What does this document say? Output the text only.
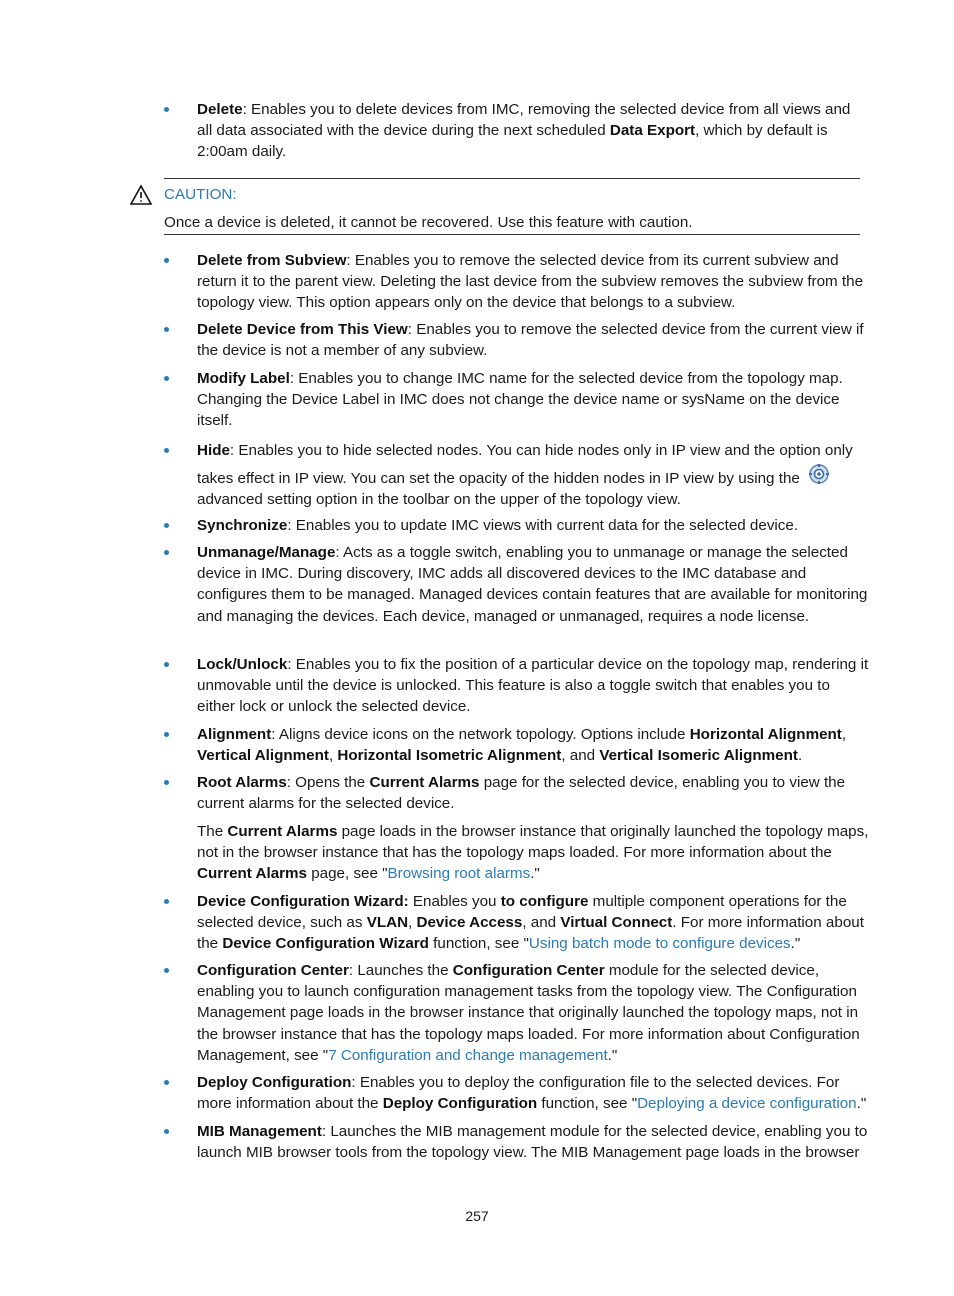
Delete: Enables you to delete devices from IMC, removing the selected device from all views and all data associated with the device during the next scheduled Data Export, which by default is 2:00am daily.
CAUTION:
Once a device is deleted, it cannot be recovered. Use this feature with caution.
Delete from Subview: Enables you to remove the selected device from its current subview and return it to the parent view. Deleting the last device from the subview removes the subview from the topology view. This option appears only on the device that belongs to a subview.
Delete Device from This View: Enables you to remove the selected device from the current view if the device is not a member of any subview.
Modify Label: Enables you to change IMC name for the selected device from the topology map. Changing the Device Label in IMC does not change the device name or sysName on the device itself.
Hide: Enables you to hide selected nodes. You can hide nodes only in IP view and the option only takes effect in IP view. You can set the opacity of the hidden nodes in IP view by using the
advanced setting option in the toolbar on the upper of the topology view.
Synchronize: Enables you to update IMC views with current data for the selected device.
Unmanage/Manage: Acts as a toggle switch, enabling you to unmanage or manage the selected device in IMC. During discovery, IMC adds all discovered devices to the IMC database and configures them to be managed. Managed devices contain features that are available for monitoring and managing the devices. Each device, managed or unmanaged, requires a node license.
Lock/Unlock: Enables you to fix the position of a particular device on the topology map, rendering it unmovable until the device is unlocked. This feature is also a toggle switch that enables you to either lock or unlock the selected device.
Alignment: Aligns device icons on the network topology. Options include Horizontal Alignment, Vertical Alignment, Horizontal Isometric Alignment, and Vertical Isomeric Alignment.
Root Alarms: Opens the Current Alarms page for the selected device, enabling you to view the current alarms for the selected device.
The Current Alarms page loads in the browser instance that originally launched the topology maps, not in the browser instance that has the topology maps loaded. For more information about the Current Alarms page, see "Browsing root alarms."
Device Configuration Wizard: Enables you to configure multiple component operations for the selected device, such as VLAN, Device Access, and Virtual Connect. For more information about the Device Configuration Wizard function, see "Using batch mode to configure devices."
Configuration Center: Launches the Configuration Center module for the selected device, enabling you to launch configuration management tasks from the topology view. The Configuration Management page loads in the browser instance that originally launched the topology maps, not in the browser instance that has the topology maps loaded. For more information about Configuration Management, see "7 Configuration and change management."
Deploy Configuration: Enables you to deploy the configuration file to the selected devices. For more information about the Deploy Configuration function, see "Deploying a device configuration."
MIB Management: Launches the MIB management module for the selected device, enabling you to launch MIB browser tools from the topology view. The MIB Management page loads in the browser
257
